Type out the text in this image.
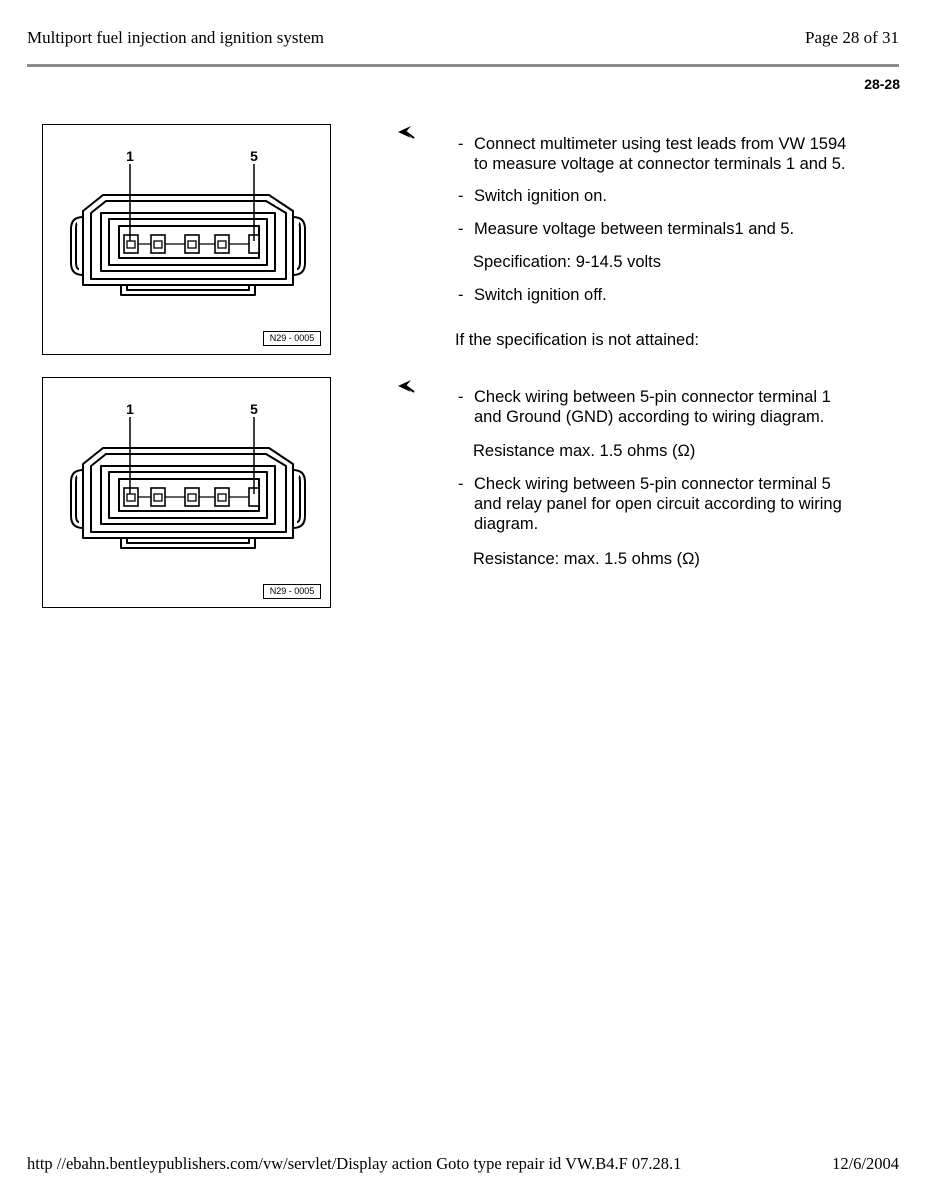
Multiport fuel injection and ignition system	Page 28 of 31
28-28
1	5
N29 - 0005
- Connect multimeter using test leads from VW 1594
to measure voltage at connector terminals 1 and 5.
- Switch ignition on.
- Measure voltage between terminals1 and 5.
Specification: 9-14.5 volts
- Switch ignition off.
If the specification is not attained:
1	5
N29 - 0005
- Check wiring between 5-pin connector terminal 1
and Ground (GND) according to wiring diagram.
Resistance max. 1.5 ohms (Ω)
- Check wiring between 5-pin connector terminal 5
and relay panel for open circuit according to wiring
diagram.
Resistance: max. 1.5 ohms (Ω)
http //ebahn.bentleypublishers.com/vw/servlet/Display action Goto type repair id VW.B4.F 07.28.1	12/6/2004
